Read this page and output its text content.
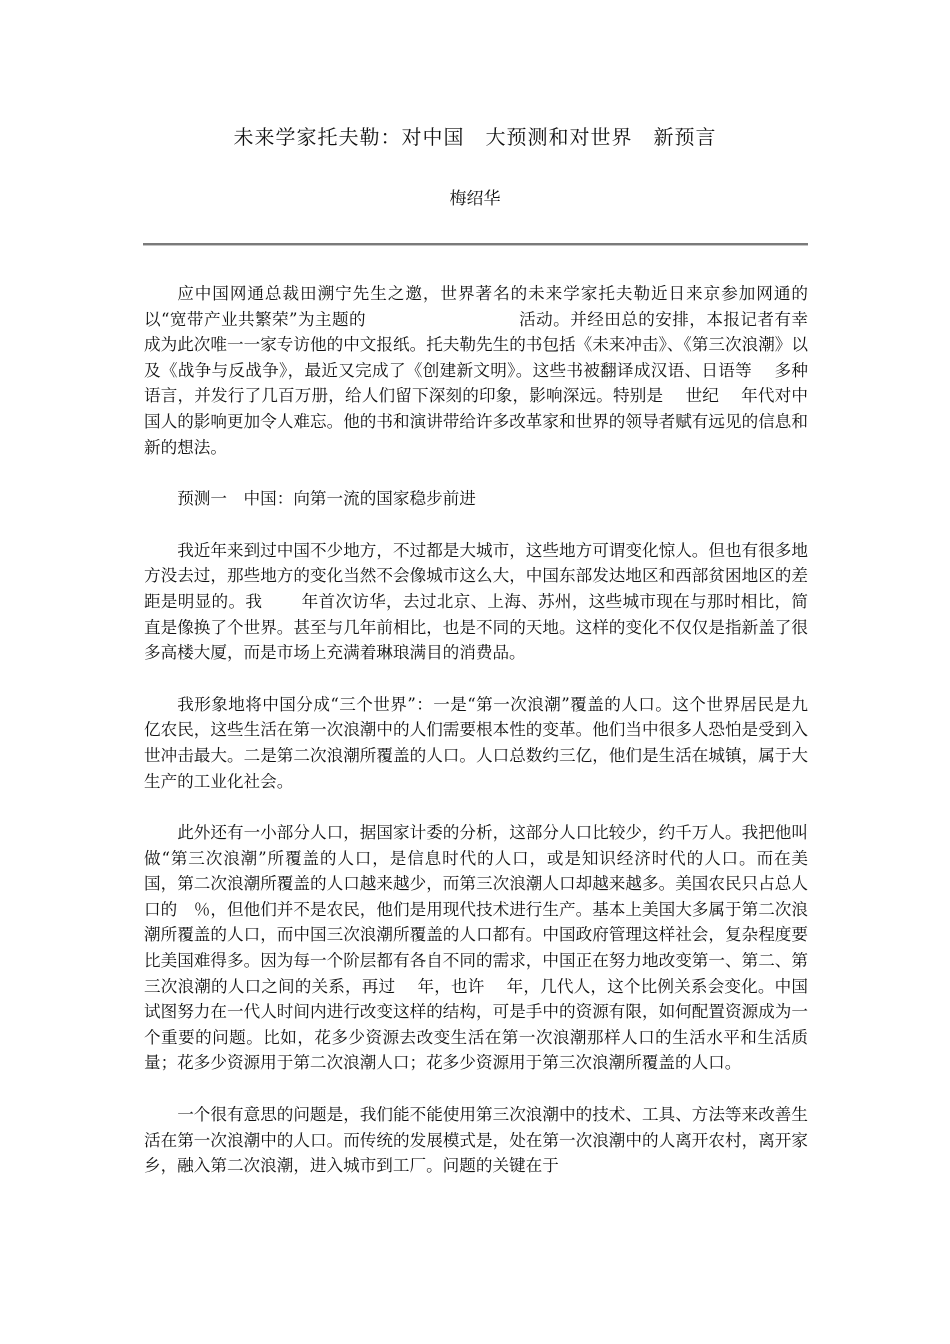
未来学家托夫勒：对中国　大预测和对世界　新预言
梅绍华

应中国网通总裁田溯宁先生之邀，世界著名的未来学家托夫勒近日来京参加网通的以“宽带产业共繁荣”为主题的　　　　　　　　　活动。并经田总的安排，本报记者有幸成为此次唯一一家专访他的中文报纸。托夫勒先生的书包括《未来冲击》、《第三次浪潮》以及《战争与反战争》，最近又完成了《创建新文明》。这些书被翻译成汉语、日语等　 多种语言，并发行了几百万册，给人们留下深刻的印象，影响深远。特别是　 世纪　 年代对中国人的影响更加令人难忘。他的书和演讲带给许多改革家和世界的领导者赋有远见的信息和新的想法。

预测一　中国：向第一流的国家稳步前进

我近年来到过中国不少地方，不过都是大城市，这些地方可谓变化惊人。但也有很多地方没去过，那些地方的变化当然不会像城市这么大，中国东部发达地区和西部贫困地区的差距是明显的。我　　 年首次访华，去过北京、上海、苏州，这些城市现在与那时相比，简直是像换了个世界。甚至与几年前相比，也是不同的天地。这样的变化不仅仅是指新盖了很多高楼大厦，而是市场上充满着琳琅满目的消费品。

我形象地将中国分成“三个世界”：一是“第一次浪潮”覆盖的人口。这个世界居民是九亿农民，这些生活在第一次浪潮中的人们需要根本性的变革。他们当中很多人恐怕是受到入世冲击最大。二是第二次浪潮所覆盖的人口。人口总数约三亿，他们是生活在城镇，属于大生产的工业化社会。

此外还有一小部分人口，据国家计委的分析，这部分人口比较少，约千万人。我把他叫做“第三次浪潮”所覆盖的人口，是信息时代的人口，或是知识经济时代的人口。而在美国，第二次浪潮所覆盖的人口越来越少，而第三次浪潮人口却越来越多。美国农民只占总人口的　％，但他们并不是农民，他们是用现代技术进行生产。基本上美国大多属于第二次浪潮所覆盖的人口，而中国三次浪潮所覆盖的人口都有。中国政府管理这样社会，复杂程度要比美国难得多。因为每一个阶层都有各自不同的需求，中国正在努力地改变第一、第二、第三次浪潮的人口之间的关系，再过　 年，也许　 年，几代人，这个比例关系会变化。中国试图努力在一代人时间内进行改变这样的结构，可是手中的资源有限，如何配置资源成为一个重要的问题。比如，花多少资源去改变生活在第一次浪潮那样人口的生活水平和生活质量；花多少资源用于第二次浪潮人口；花多少资源用于第三次浪潮所覆盖的人口。

一个很有意思的问题是，我们能不能使用第三次浪潮中的技术、工具、方法等来改善生活在第一次浪潮中的人口。而传统的发展模式是，处在第一次浪潮中的人离开农村，离开家乡，融入第二次浪潮，进入城市到工厂。问题的关键在于
